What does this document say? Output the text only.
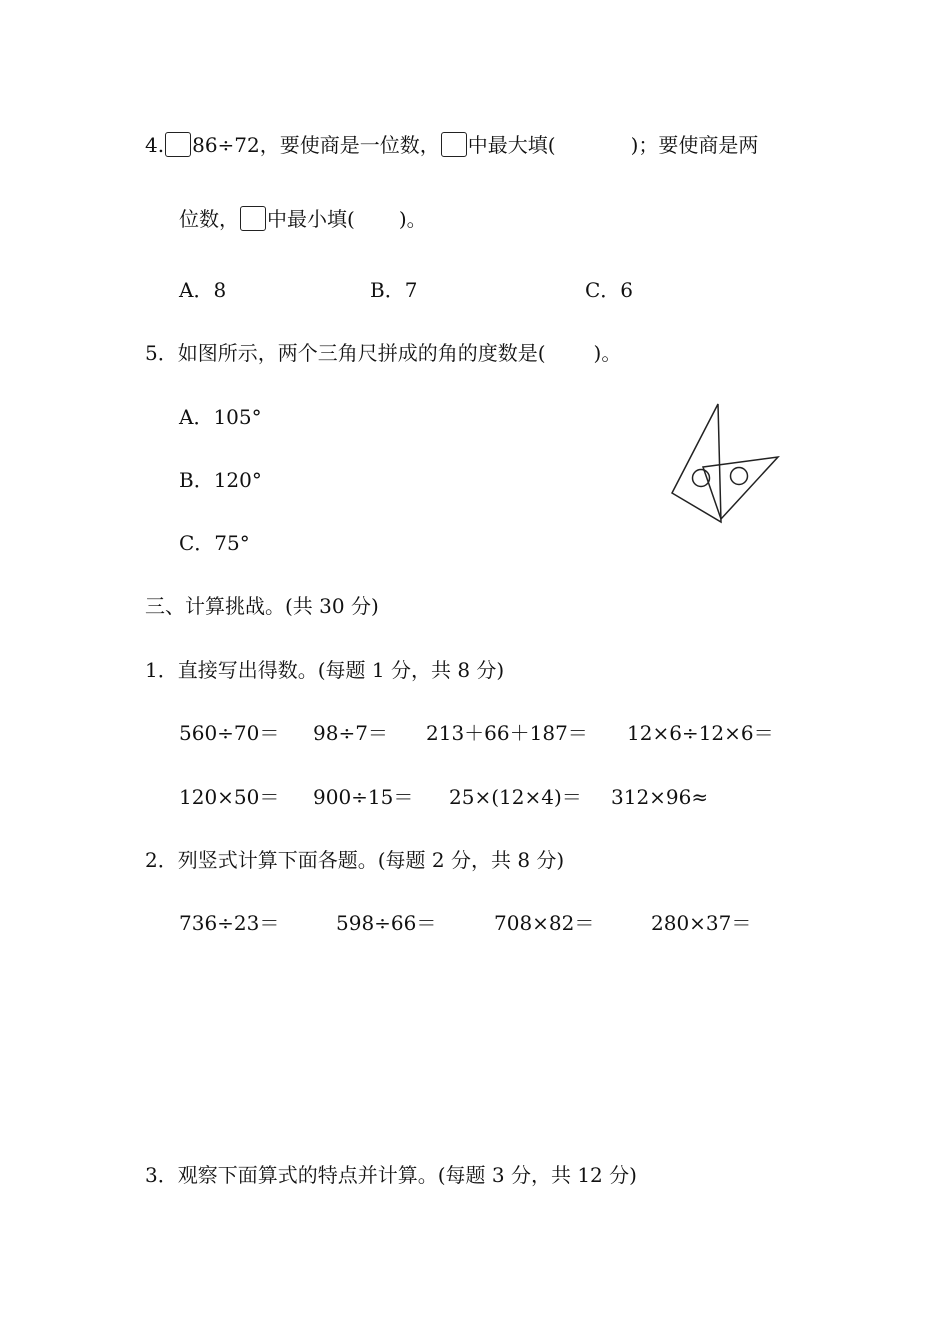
4. 86÷72，要使商是一位数， 中最大填(	)；要使商是两
位数， 中最小填( )。
A．8	B．7	C．6
5．如图所示，两个三角尺拼成的角的度数是( )。
A．105°
B．120°
C．75°
三、计算挑战。(共 30 分)
1．直接写出得数。(每题 1 分，共 8 分)
560÷70＝ 98÷7＝ 213＋66＋187＝ 12×6÷12×6＝
120×50＝ 900÷15＝ 25×(12×4)＝ 312×96≈
2．列竖式计算下面各题。(每题 2 分，共 8 分)
736÷23＝	598÷66＝	708×82＝	280×37＝
3．观察下面算式的特点并计算。(每题 3 分，共 12 分)
